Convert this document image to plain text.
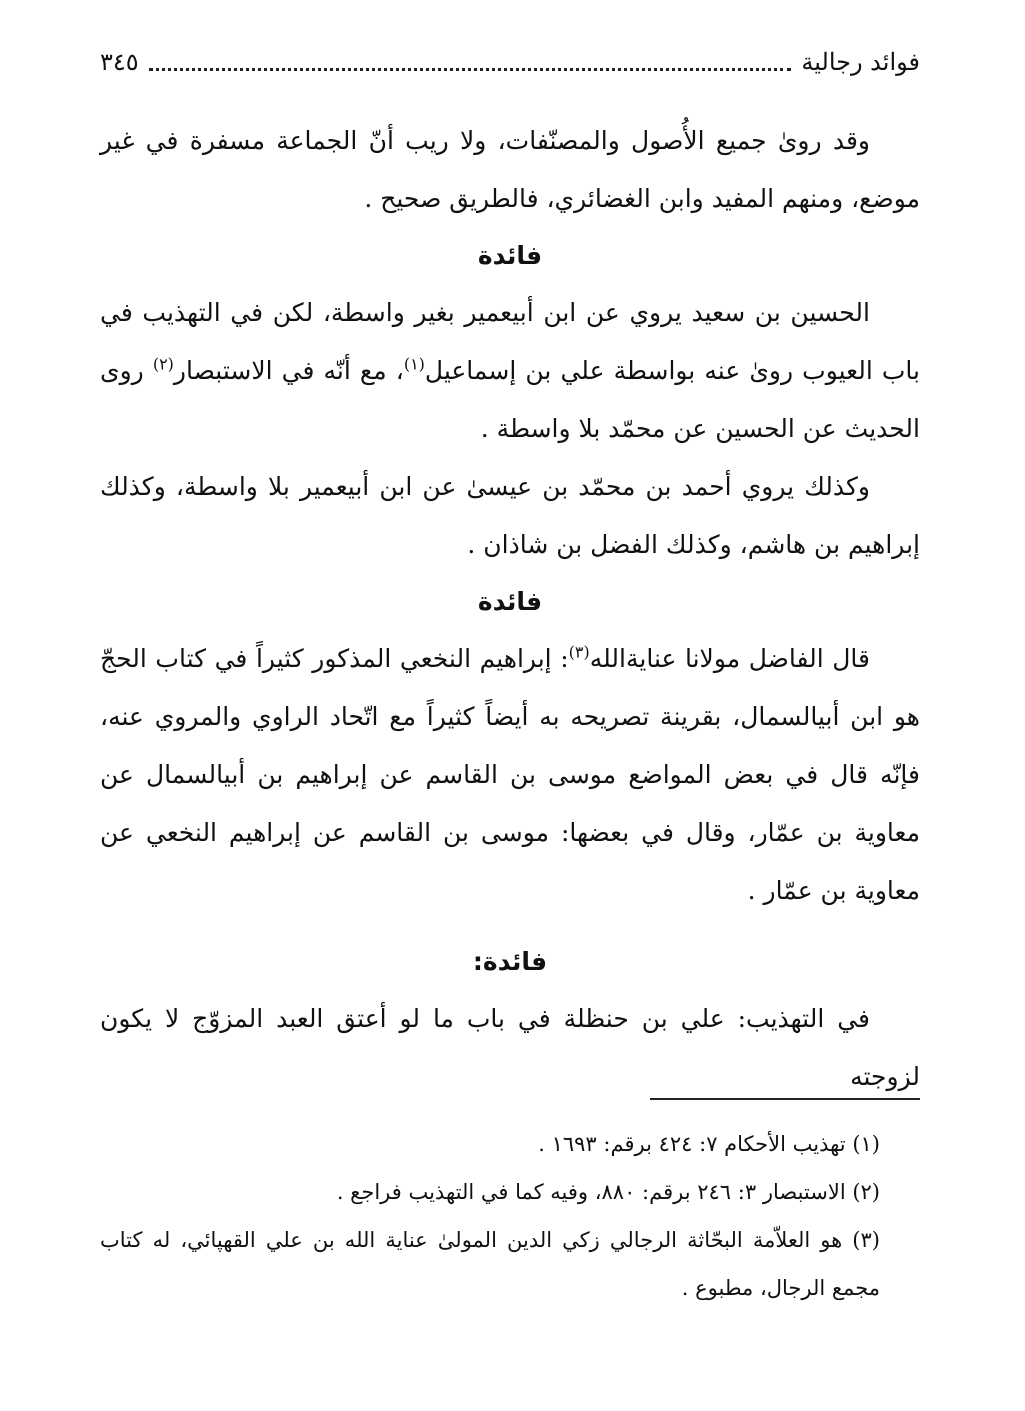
فوائد رجالية
٣٤٥

وقد رویٰ جميع الأُصول والمصنّفات، ولا ريب أنّ الجماعة مسفرة في غير موضع، ومنهم المفيد وابن الغضائري، فالطريق صحيح .

فائدة

الحسين بن سعيد يروي عن ابن أبيعمير بغير واسطة، لكن في التهذيب في باب العيوب رویٰ عنه بواسطة علي بن إسماعيل$^{(١)}$، مع أنّه في الاستبصار$^{(٢)}$ روى الحديث عن الحسين عن محمّد بلا واسطة .

وكذلك يروي أحمد بن محمّد بن عيسىٰ عن ابن أبيعمير بلا واسطة، وكذلك إبراهيم بن هاشم، وكذلك الفضل بن شاذان .

فائدة

قال الفاضل مولانا عنايةالله$^{(٣)}$: إبراهيم النخعي المذكور كثيراً في كتاب الحجّ هو ابن أبيالسمال، بقرينة تصريحه به أيضاً كثيراً مع اتّحاد الراوي والمروي عنه، فإنّه قال في بعض المواضع موسى بن القاسم عن إبراهيم بن أبيالسمال عن معاوية بن عمّار، وقال في بعضها: موسى بن القاسم عن إبراهيم النخعي عن معاوية بن عمّار .

فائدة:

في التهذيب: علي بن حنظلة في باب ما لو أعتق العبد المزوّج لا يكون لزوجته

(١) تهذيب الأحكام ٧: ٤٢٤ برقم: ١٦٩٣ .

(٢) الاستبصار ٣: ٢٤٦ برقم: ٨٨٠، وفيه كما في التهذيب فراجع .

(٣) هو العلاّمة البحّاثة الرجالي زكي الدين المولىٰ عناية الله بن علي القهپائي، له كتاب مجمع الرجال، مطبوع .
